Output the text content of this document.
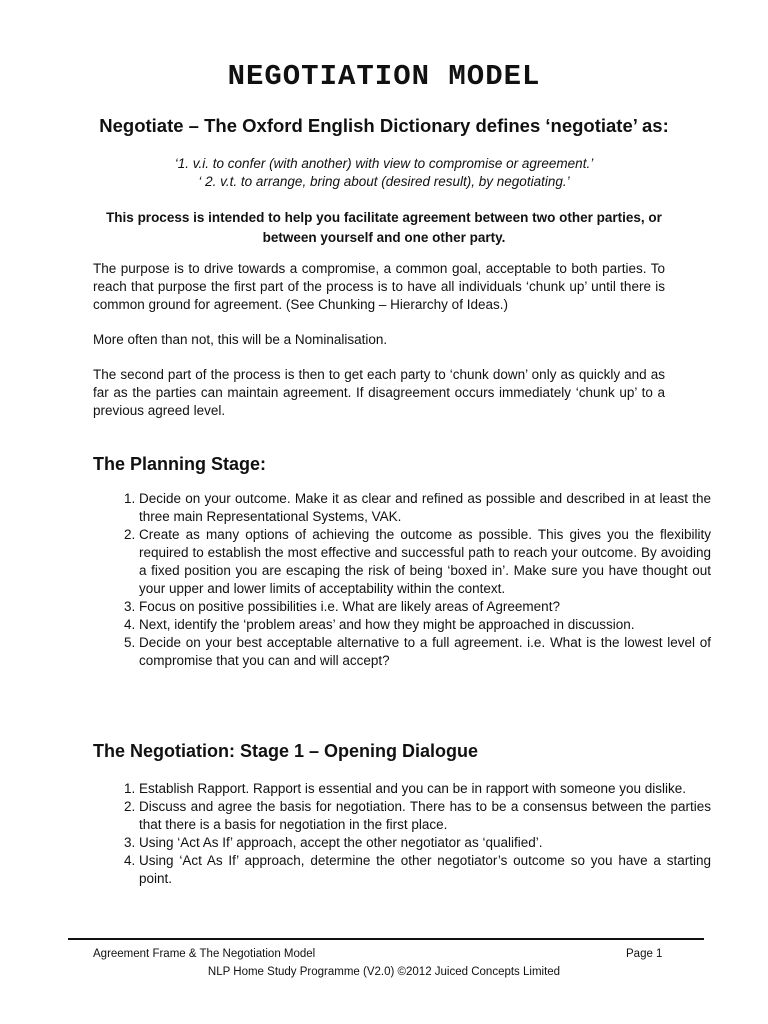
NEGOTIATION MODEL
Negotiate – The Oxford English Dictionary defines ‘negotiate’ as:
‘1. v.i. to confer (with another) with view to compromise or agreement.’
‘ 2. v.t. to arrange, bring about (desired result), by negotiating.’
This process is intended to help you facilitate agreement between two other parties, or between yourself and one other party.

The purpose is to drive towards a compromise, a common goal, acceptable to both parties. To reach that purpose the first part of the process is to have all individuals ‘chunk up’ until there is common ground for agreement. (See Chunking – Hierarchy of Ideas.)

More often than not, this will be a Nominalisation.

The second part of the process is then to get each party to ‘chunk down’ only as quickly and as far as the parties can maintain agreement. If disagreement occurs immediately ‘chunk up’ to a previous agreed level.

The Planning Stage:
1. Decide on your outcome. Make it as clear and refined as possible and described in at least the three main Representational Systems, VAK.
2. Create as many options of achieving the outcome as possible. This gives you the flexibility required to establish the most effective and successful path to reach your outcome. By avoiding a fixed position you are escaping the risk of being ‘boxed in’. Make sure you have thought out your upper and lower limits of acceptability within the context.
3. Focus on positive possibilities i.e. What are likely areas of Agreement?
4. Next, identify the ‘problem areas’ and how they might be approached in discussion.
5. Decide on your best acceptable alternative to a full agreement. i.e. What is the lowest level of compromise that you can and will accept?
The Negotiation: Stage 1 – Opening Dialogue
1. Establish Rapport. Rapport is essential and you can be in rapport with someone you dislike.
2. Discuss and agree the basis for negotiation. There has to be a consensus between the parties that there is a basis for negotiation in the first place.
3. Using ‘Act As If’ approach, accept the other negotiator as ‘qualified’.
4. Using ‘Act As If’ approach, determine the other negotiator’s outcome so you have a starting point.
Agreement Frame & The Negotiation Model	Page 1
NLP Home Study Programme (V2.0) ©2012 Juiced Concepts Limited
